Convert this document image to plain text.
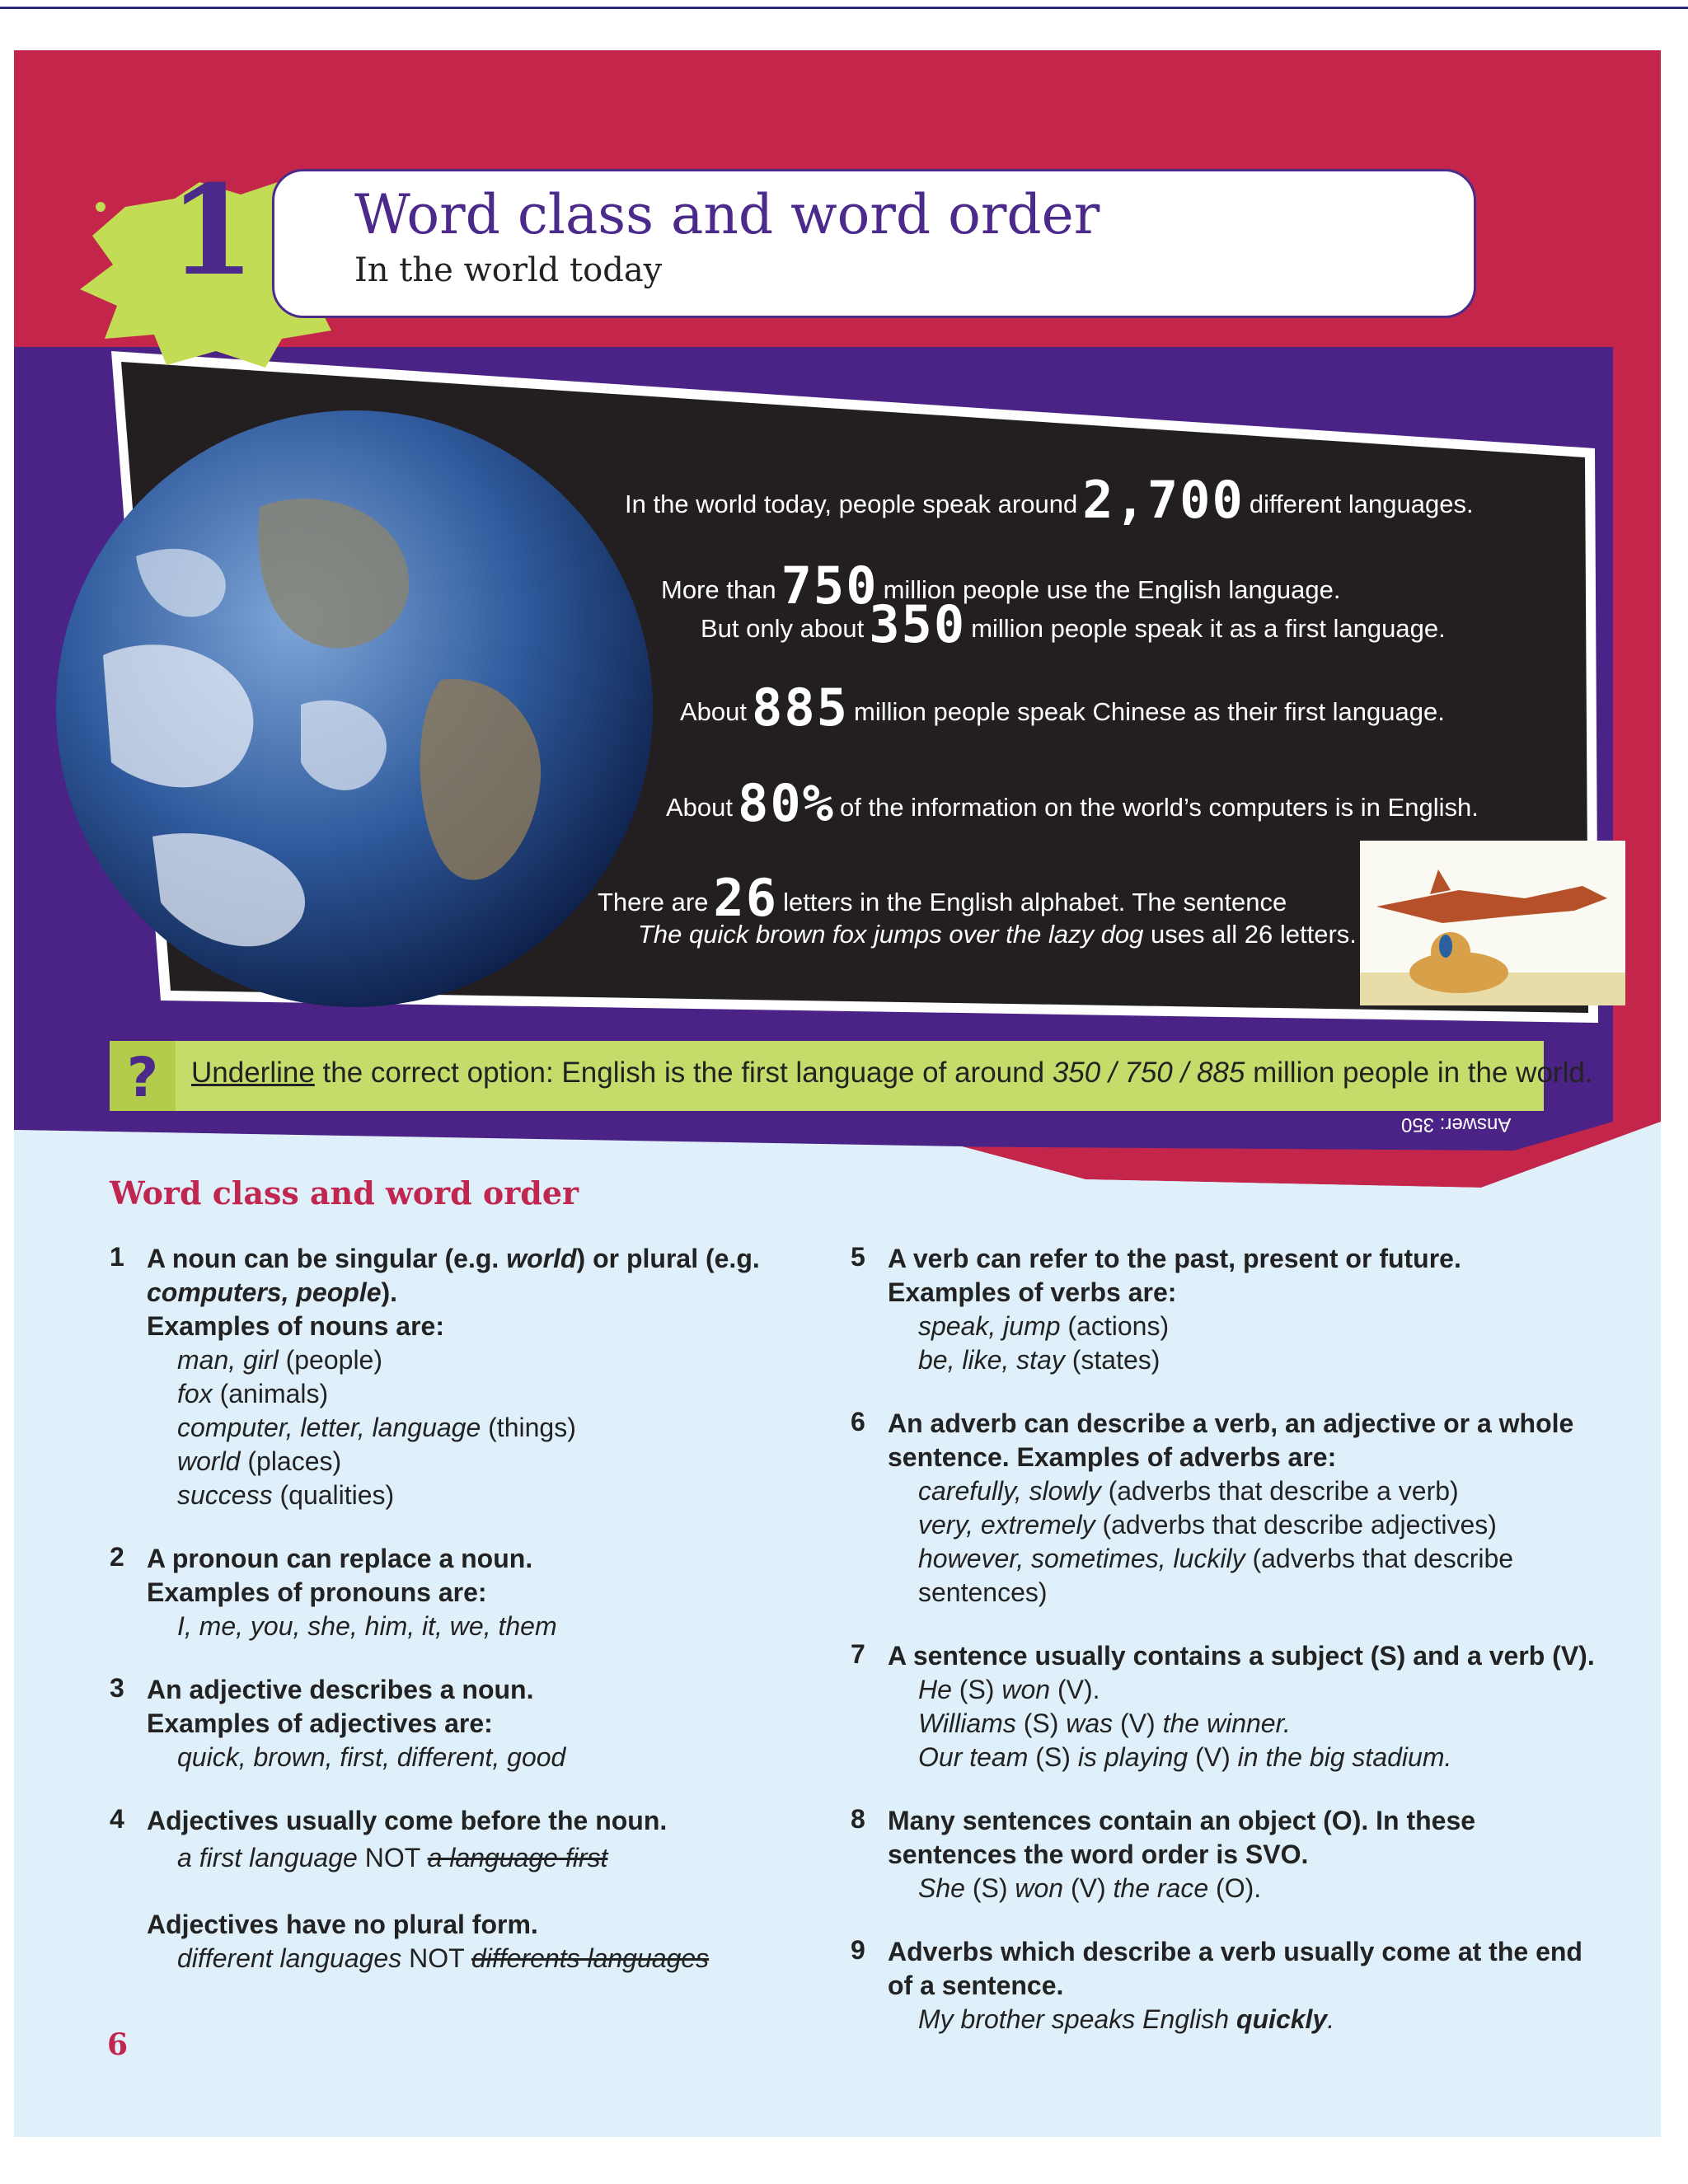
1 Word class and word order
In the world today
In the world today, people speak around2,700 different languages.
More than750 million people use the English language.
But only about350 million people speak it as a first language.
About885 million people speak Chinese as their first language.
About80% of the information on the world’s computers is in English.
There are26 letters in the English alphabet. The sentence
The quick brown fox jumps over the lazy dog uses all 26 letters.
?	Underline the correct option: English is the first language of around 350 / 750 / 885 million people in the world.
Answer: 350
Word class and word order
1 A noun can be singular (e.g. world) or plural (e.g.
computers, people).
Examples of nouns are:
man, girl (people)
fox (animals)
computer, letter, language (things)
world (places)
success (qualities)
2 A pronoun can replace a noun.
Examples of pronouns are:
I, me, you, she, him, it, we, them
3 An adjective describes a noun.
Examples of adjectives are:
quick, brown, first, different, good
4 Adjectives usually come before the noun.
a first language NOT a language first
Adjectives have no plural form.
different languages NOT differents languages
5 A verb can refer to the past, present or future.
Examples of verbs are:
speak, jump (actions)
be, like, stay (states)
6 An adverb can describe a verb, an adjective or a whole
sentence. Examples of adverbs are:
carefully, slowly (adverbs that describe a verb)
very, extremely (adverbs that describe adjectives)
however, sometimes, luckily (adverbs that describe
sentences)
7 A sentence usually contains a subject (S) and a verb (V).
He (S) won (V).
Williams (S) was (V) the winner.
Our team (S) is playing (V) in the big stadium.
8 Many sentences contain an object (O). In these
sentences the word order is SVO.
She (S) won (V) the race (O).
9 Adverbs which describe a verb usually come at the end
of a sentence.
My brother speaks English quickly.
6
